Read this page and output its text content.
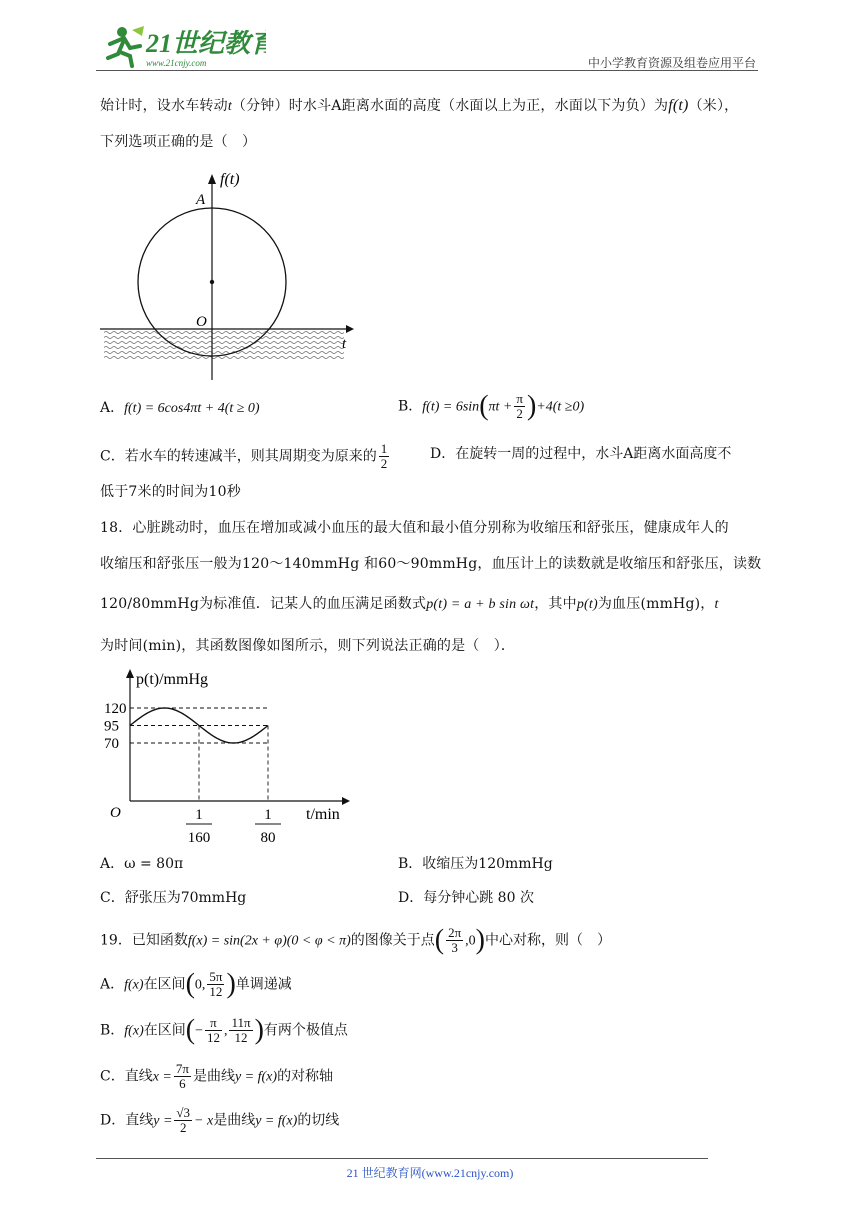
21世纪教育
www.21cnjy.com	中小学教育资源及组卷应用平台
始计时，设水车转动t（分钟）时水斗A距离水面的高度（水面以上为正，水面以下为负）为f(t)（米），
下列选项正确的是（　）
f(t)
A
O
t
A．f(t) = 6cos4πt + 4(t ≥ 0)	B．$f(t) = 6\sin(\pi t + \frac{\pi}{2} )+4(t \ge 0)$
C．若水车的转速减半，则其周期变为原来的 $\frac{1}{2}$	D．在旋转一周的过程中，水斗A距离水面高度不
低于7米的时间为10秒
18．心脏跳动时，血压在增加或减小血压的最大值和最小值分别称为收缩压和舒张压，健康成年人的
收缩压和舒张压一般为120～140mmHg 和60～90mmHg，血压计上的读数就是收缩压和舒张压，读数
120/80mmHg为标准值．记某人的血压满足函数式p(t) = a + b sin ωt，其中p(t)为血压(mmHg)，t
为时间(min)，其函数图像如图所示，则下列说法正确的是（　）．
p(t)/mmHg
t/min
O
120
95
70
1
160
1
80
A．ω = 80π	B．收缩压为120mmHg
C．舒张压为70mmHg	D．每分钟心跳 80 次
19．已知函数f(x) = sin(2x + φ)(0 < φ < π)的图像关于点( $\frac{2\pi}{3} ,0$)中心对称，则（　）
A．f(x)在区间(0, $\frac{5\pi}{12}$ )单调递减
B．f(x)在区间(− $\frac{\pi}{12}$ , $\frac{11\pi}{12}$ )有两个极值点
C．直线$x = \frac{7\pi}{6}$ 是曲线y = f(x)的对称轴
D．直线$y = \frac{√3}{2} - x$是曲线y = f(x)的切线
21 世纪教育网(www.21cnjy.com)
